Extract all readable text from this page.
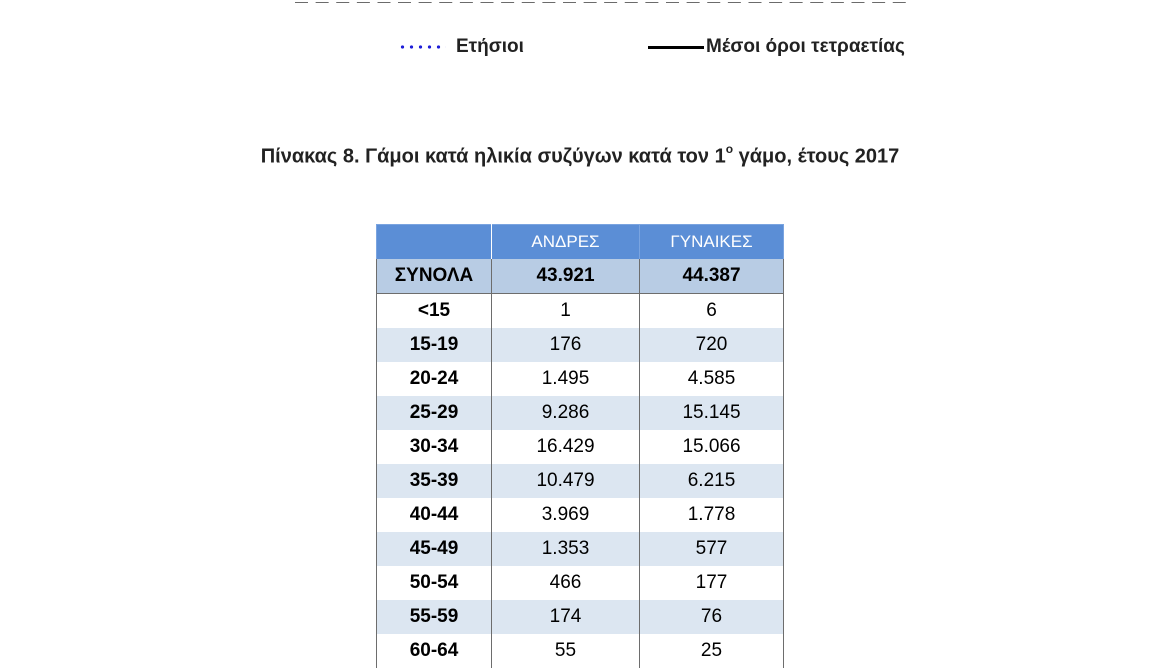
Ετήσιοι	Μέσοι όροι τετραετίας
Πίνακας 8. Γάμοι κατά ηλικία συζύγων κατά τον $1^o$ γάμο, έτους 2017
	ΑΝΔΡΕΣ	ΓΥΝΑΙΚΕΣ
ΣΥΝΟΛΑ	43.921	44.387
<15	1	6
15-19	176	720
20-24	1.495	4.585
25-29	9.286	15.145
30-34	16.429	15.066
35-39	10.479	6.215
40-44	3.969	1.778
45-49	1.353	577
50-54	466	177
55-59	174	76
60-64	55	25
